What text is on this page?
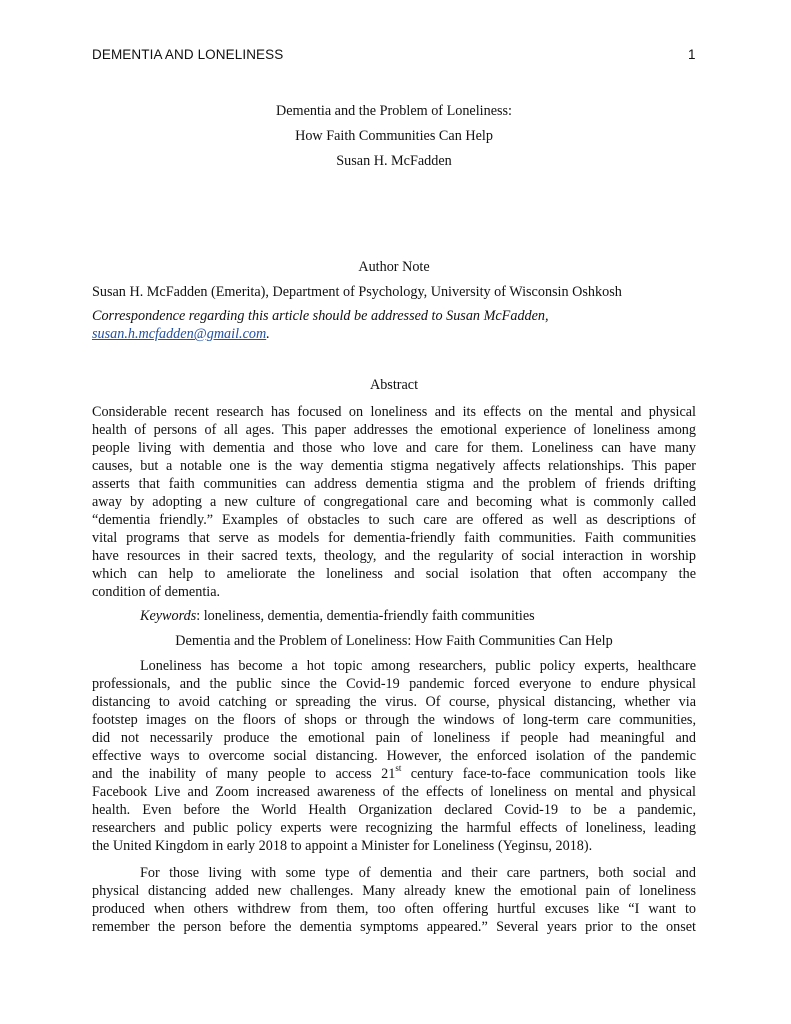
DEMENTIA AND LONELINESS	1
Dementia and the Problem of Loneliness:
How Faith Communities Can Help
Susan H. McFadden
Author Note
Susan H. McFadden (Emerita), Department of Psychology, University of Wisconsin Oshkosh
Correspondence regarding this article should be addressed to Susan McFadden,
susan.h.mcfadden@gmail.com.
Abstract
Considerable recent research has focused on loneliness and its effects on the mental and physical
health of persons of all ages. This paper addresses the emotional experience of loneliness among
people living with dementia and those who love and care for them. Loneliness can have many
causes, but a notable one is the way dementia stigma negatively affects relationships. This paper
asserts that faith communities can address dementia stigma and the problem of friends drifting
away by adopting a new culture of congregational care and becoming what is commonly called
“dementia friendly.” Examples of obstacles to such care are offered as well as descriptions of
vital programs that serve as models for dementia-friendly faith communities. Faith communities
have resources in their sacred texts, theology, and the regularity of social interaction in worship
which can help to ameliorate the loneliness and social isolation that often accompany the
condition of dementia.
Keywords: loneliness, dementia, dementia-friendly faith communities
Dementia and the Problem of Loneliness: How Faith Communities Can Help
Loneliness has become a hot topic among researchers, public policy experts, healthcare
professionals, and the public since the Covid-19 pandemic forced everyone to endure physical
distancing to avoid catching or spreading the virus. Of course, physical distancing, whether via
footstep images on the floors of shops or through the windows of long-term care communities,
did not necessarily produce the emotional pain of loneliness if people had meaningful and
effective ways to overcome social distancing. However, the enforced isolation of the pandemic
and the inability of many people to access 21st century face-to-face communication tools like
Facebook Live and Zoom increased awareness of the effects of loneliness on mental and physical
health. Even before the World Health Organization declared Covid-19 to be a pandemic,
researchers and public policy experts were recognizing the harmful effects of loneliness, leading
the United Kingdom in early 2018 to appoint a Minister for Loneliness (Yeginsu, 2018).
For those living with some type of dementia and their care partners, both social and
physical distancing added new challenges. Many already knew the emotional pain of loneliness
produced when others withdrew from them, too often offering hurtful excuses like “I want to
remember the person before the dementia symptoms appeared.” Several years prior to the onset
